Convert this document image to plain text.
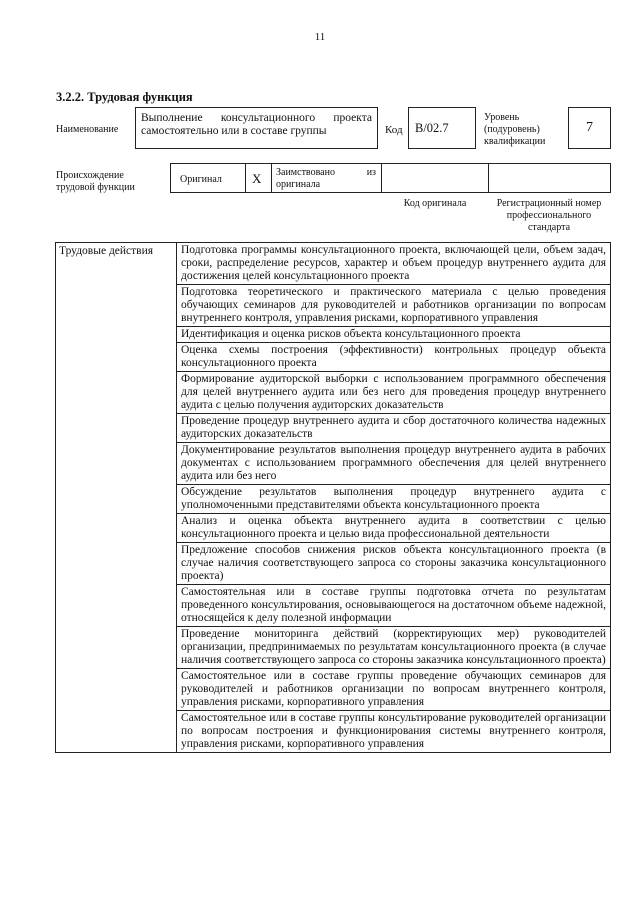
11
3.2.2. Трудовая функция
Наименование
Выполнение консультационного проекта самостоятельно или в составе группы	Код B/02.7
Уровень (подуровень) квалификации
7
Происхождение трудовой функции
Оригинал X Заимствовано из оригинала
Код оригинала	Регистрационный номер профессионального стандарта
Трудовые действия	Подготовка программы консультационного проекта, включающей цели, объем задач, сроки, распределение ресурсов, характер и объем процедур внутреннего аудита для достижения целей консультационного проекта
Подготовка теоретического и практического материала с целью проведения обучающих семинаров для руководителей и работников организации по вопросам внутреннего контроля, управления рисками, корпоративного управления
Идентификация и оценка рисков объекта консультационного проекта
Оценка схемы построения (эффективности) контрольных процедур объекта консультационного проекта
Формирование аудиторской выборки с использованием программного обеспечения для целей внутреннего аудита или без него для проведения процедур внутреннего аудита с целью получения аудиторских доказательств
Проведение процедур внутреннего аудита и сбор достаточного количества надежных аудиторских доказательств
Документирование результатов выполнения процедур внутреннего аудита в рабочих документах с использованием программного обеспечения для целей внутреннего аудита или без него
Обсуждение результатов выполнения процедур внутреннего аудита с уполномоченными представителями объекта консультационного проекта
Анализ и оценка объекта внутреннего аудита в соответствии с целью консультационного проекта и целью вида профессиональной деятельности
Предложение способов снижения рисков объекта консультационного проекта (в случае наличия соответствующего запроса со стороны заказчика консультационного проекта)
Самостоятельная или в составе группы подготовка отчета по результатам проведенного консультирования, основывающегося на достаточном объеме надежной, относящейся к делу полезной информации
Проведение мониторинга действий (корректирующих мер) руководителей организации, предпринимаемых по результатам консультационного проекта (в случае наличия соответствующего запроса со стороны заказчика консультационного проекта)
Самостоятельное или в составе группы проведение обучающих семинаров для руководителей и работников организации по вопросам внутреннего контроля, управления рисками, корпоративного управления
Самостоятельное или в составе группы консультирование руководителей организации по вопросам построения и функционирования системы внутреннего контроля, управления рисками, корпоративного управления
